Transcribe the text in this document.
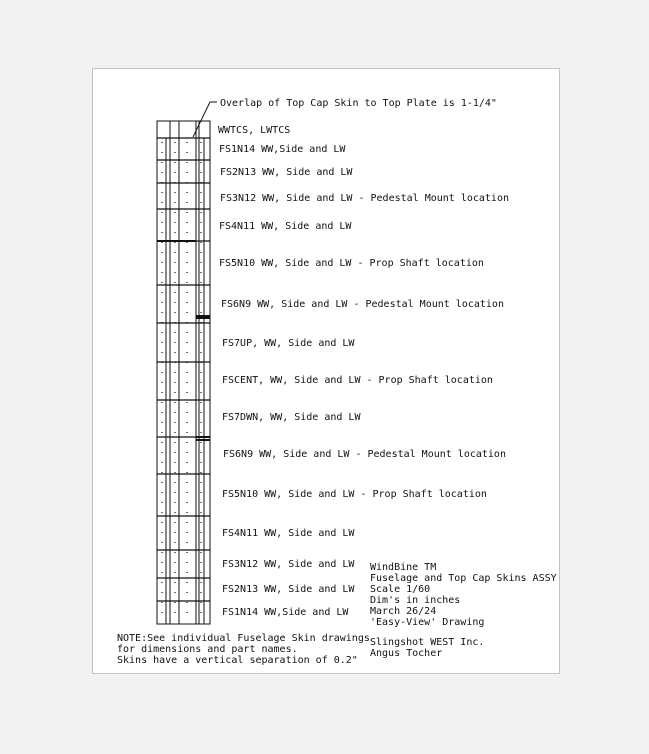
Overlap of Top Cap Skin to Top Plate is 1-1/4"
WWTCS, LWTCS
FS1N14 WW,Side and LW
FS2N13 WW, Side and LW
FS3N12 WW, Side and LW - Pedestal Mount location
FS4N11 WW, Side and LW
FS5N10 WW, Side and LW - Prop Shaft location
FS6N9 WW, Side and LW - Pedestal Mount location
FS7UP, WW, Side and LW
FSCENT, WW, Side and LW - Prop Shaft location
FS7DWN, WW, Side and LW
FS6N9 WW, Side and LW - Pedestal Mount location
FS5N10 WW, Side and LW - Prop Shaft location
FS4N11 WW, Side and LW
FS3N12 WW, Side and LW
FS2N13 WW, Side and LW
FS1N14 WW,Side and LW
NOTE:See individual Fuselage Skin drawings
for dimensions and part names.
Skins have a vertical separation of 0.2"
WindBine TM
Fuselage and Top Cap Skins ASSY
Scale 1/60
Dim's in inches
March 26/24
'Easy-View' Drawing
Slingshot WEST Inc.
Angus Tocher
